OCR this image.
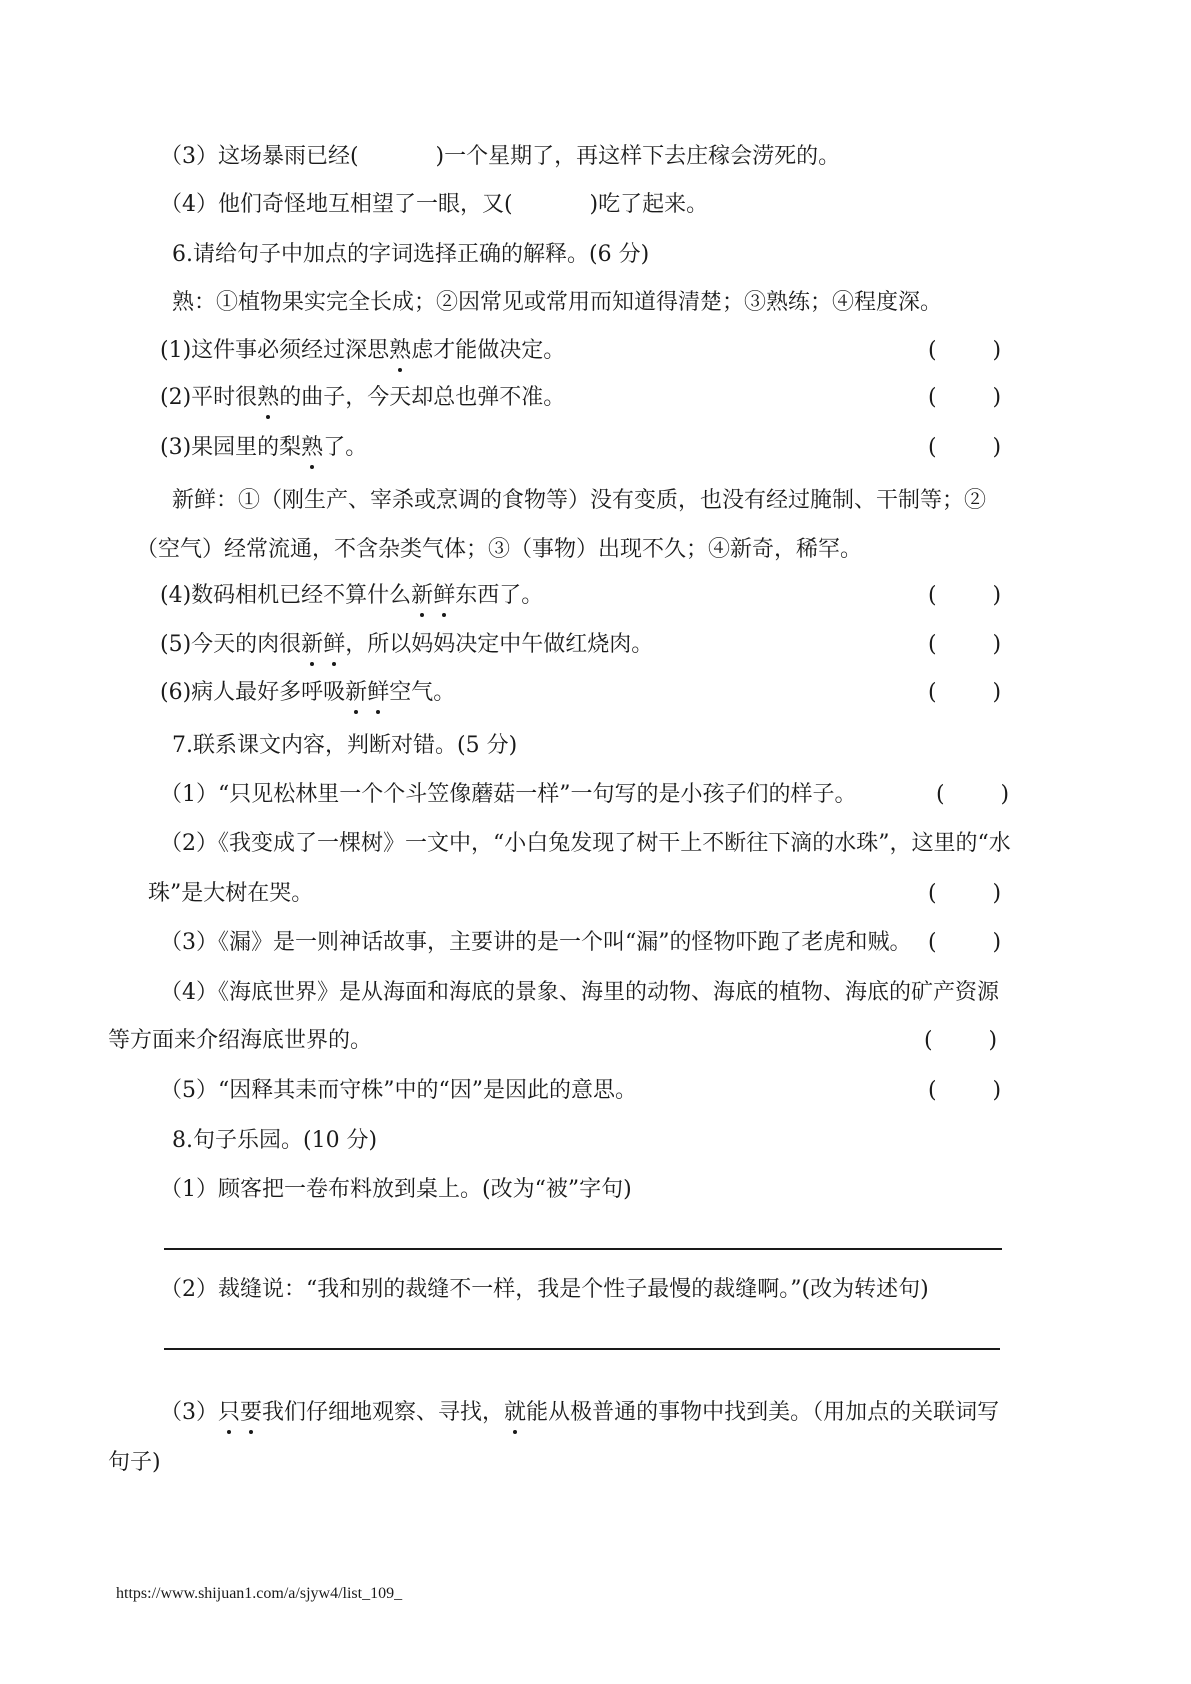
（3）这场暴雨已经(	)一个星期了，再这样下去庄稼会涝死的。
（4）他们奇怪地互相望了一眼，又(	)吃了起来。
6.请给句子中加点的字词选择正确的解释。(6 分)
熟：①植物果实完全长成；②因常见或常用而知道得清楚；③熟练；④程度深。
(1)这件事必须经过深思熟虑才能做决定。	(        )
(2)平时很熟的曲子，今天却总也弹不准。	(        )
(3)果园里的梨熟了。	(        )
新鲜：①（刚生产、宰杀或烹调的食物等）没有变质，也没有经过腌制、干制等；②
（空气）经常流通，不含杂类气体；③（事物）出现不久；④新奇，稀罕。
(4)数码相机已经不算什么新鲜东西了。	(        )
(5)今天的肉很新鲜，所以妈妈决定中午做红烧肉。	(        )
(6)病人最好多呼吸新鲜空气。	(        )
7.联系课文内容，判断对错。(5 分)
（1）“只见松林里一个个斗笠像蘑菇一样”一句写的是小孩子们的样子。	(        )
（2）《我变成了一棵树》一文中，“小白兔发现了树干上不断往下滴的水珠”，这里的“水
珠”是大树在哭。	(        )
（3）《漏》是一则神话故事，主要讲的是一个叫“漏”的怪物吓跑了老虎和贼。 (        )
（4）《海底世界》是从海面和海底的景象、海里的动物、海底的植物、海底的矿产资源
等方面来介绍海底世界的。	(        )
（5）“因释其耒而守株”中的“因”是因此的意思。	(        )
8.句子乐园。(10 分)
（1）顾客把一卷布料放到桌上。(改为“被”字句)
（2）裁缝说：“我和别的裁缝不一样，我是个性子最慢的裁缝啊。”(改为转述句)
（3）只要我们仔细地观察、寻找，就能从极普通的事物中找到美。（用加点的关联词写
句子)
https://www.shijuan1.com/a/sjyw4/list_109_
